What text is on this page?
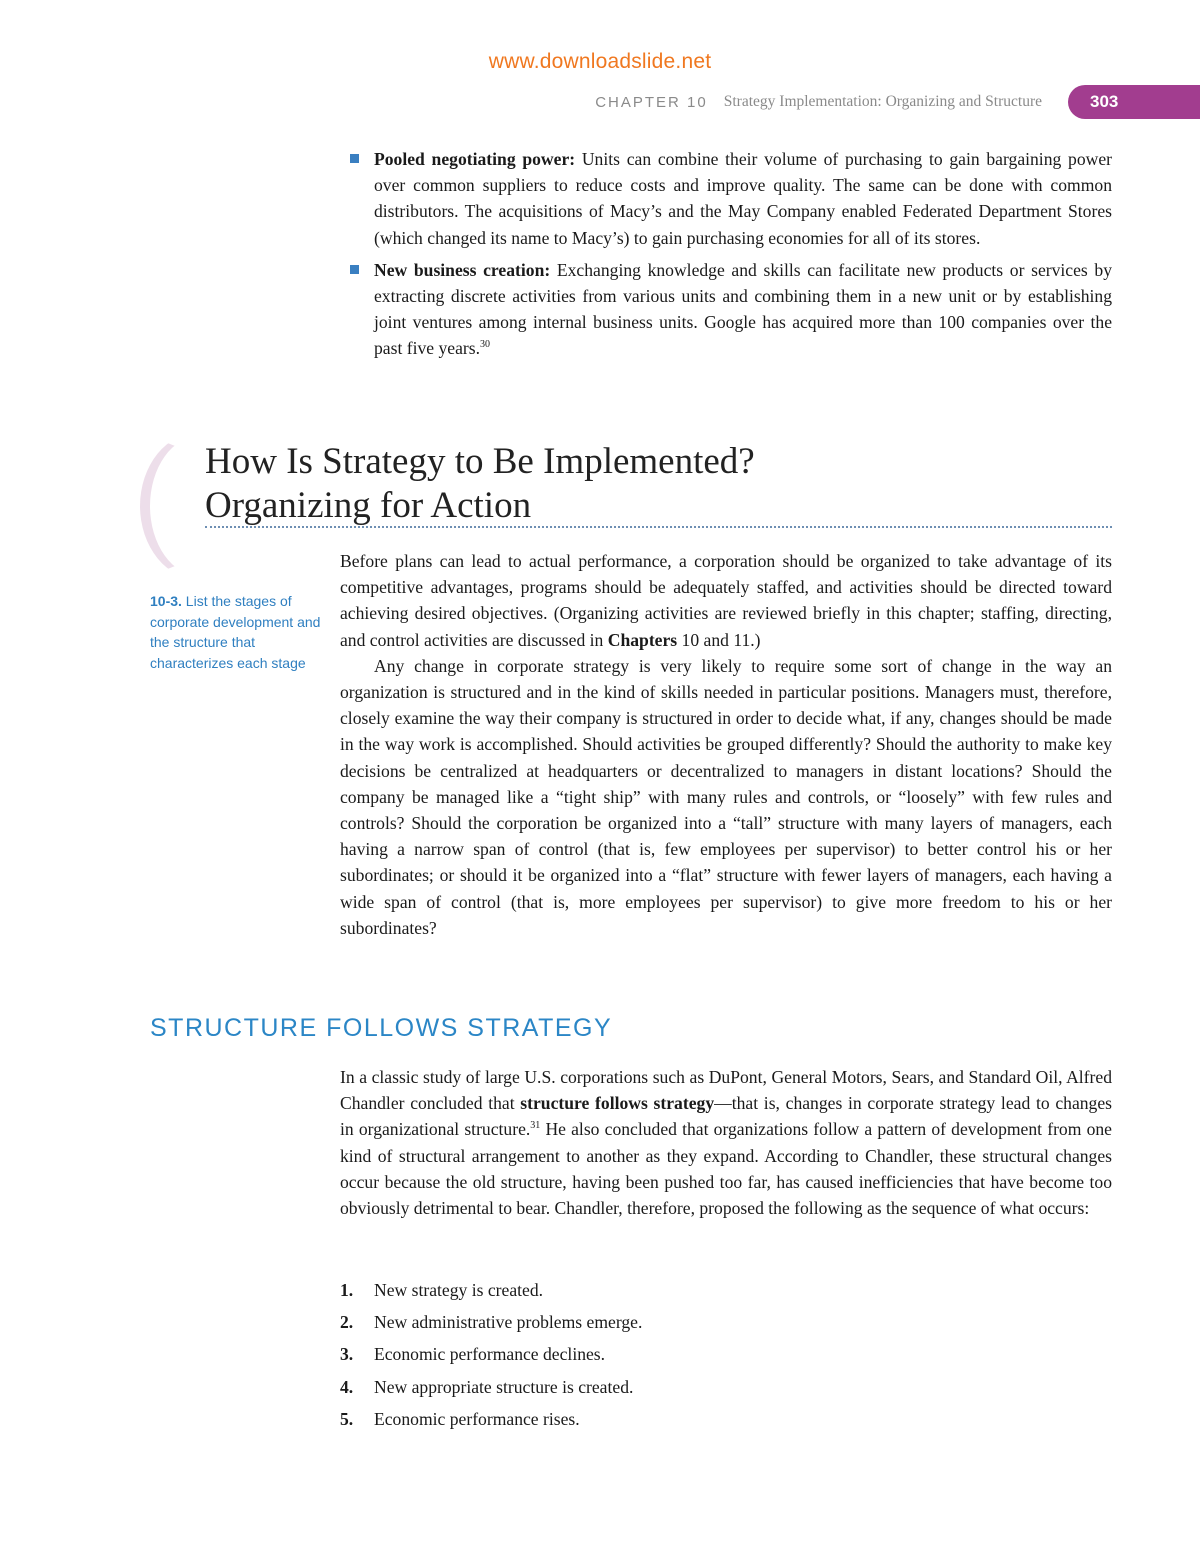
www.downloadslide.net
CHAPTER 10 Strategy Implementation: Organizing and Structure	303
Pooled negotiating power: Units can combine their volume of purchasing to gain bargaining power over common suppliers to reduce costs and improve quality. The same can be done with common distributors. The acquisitions of Macy’s and the May Company enabled Federated Department Stores (which changed its name to Macy’s) to gain purchasing economies for all of its stores.
New business creation: Exchanging knowledge and skills can facilitate new products or services by extracting discrete activities from various units and combining them in a new unit or by establishing joint ventures among internal business units. Google has acquired more than 100 companies over the past five years.$^{30}$
How Is Strategy to Be Implemented?
Organizing for Action
10-3. List the stages of corporate development and the structure that characterizes each stage

Before plans can lead to actual performance, a corporation should be organized to take advantage of its competitive advantages, programs should be adequately staffed, and activities should be directed toward achieving desired objectives. (Organizing activities are reviewed briefly in this chapter; staffing, directing, and control activities are discussed in Chapters 10 and 11.)

Any change in corporate strategy is very likely to require some sort of change in the way an organization is structured and in the kind of skills needed in particular positions. Managers must, therefore, closely examine the way their company is structured in order to decide what, if any, changes should be made in the way work is accomplished. Should activities be grouped differently? Should the authority to make key decisions be centralized at headquarters or decentralized to managers in distant locations? Should the company be managed like a “tight ship” with many rules and controls, or “loosely” with few rules and controls? Should the corporation be organized into a “tall” structure with many layers of managers, each having a narrow span of control (that is, few employees per supervisor) to better control his or her subordinates; or should it be organized into a “flat” structure with fewer layers of managers, each having a wide span of control (that is, more employees per supervisor) to give more freedom to his or her subordinates?

STRUCTURE FOLLOWS STRATEGY

In a classic study of large U.S. corporations such as DuPont, General Motors, Sears, and Standard Oil, Alfred Chandler concluded that structure follows strategy—that is, changes in corporate strategy lead to changes in organizational structure.$^{31}$ He also concluded that organizations follow a pattern of development from one kind of structural arrangement to another as they expand. According to Chandler, these structural changes occur because the old structure, having been pushed too far, has caused inefficiencies that have become too obviously detrimental to bear. Chandler, therefore, proposed the following as the sequence of what occurs:

1. New strategy is created.
2. New administrative problems emerge.
3. Economic performance declines.
4. New appropriate structure is created.
5. Economic performance rises.
